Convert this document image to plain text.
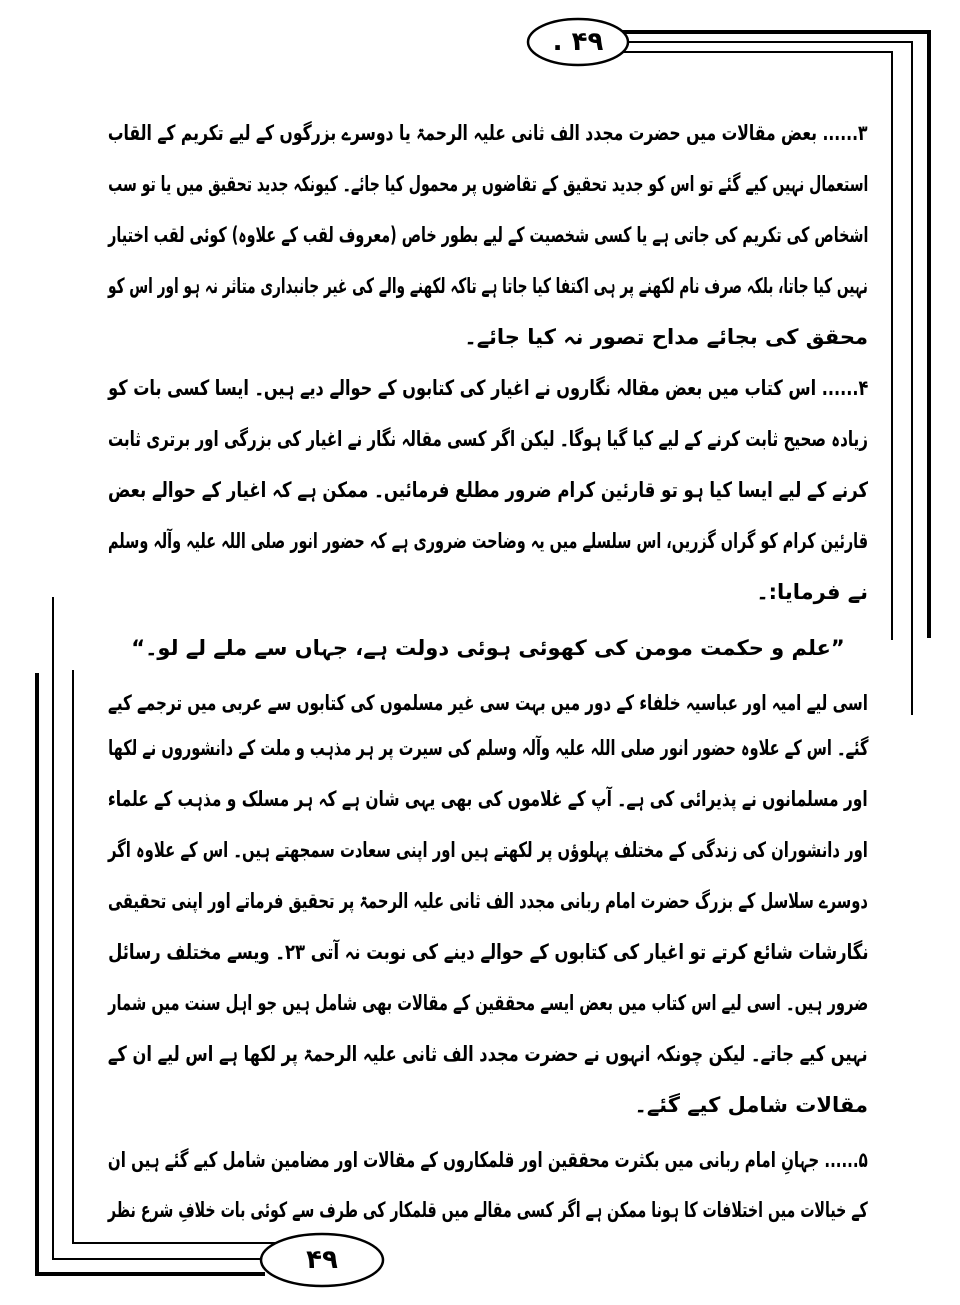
۴۹ .
۴۹
۳...... بعض مقالات میں حضرت مجدد الف ثانی علیہ الرحمۃ یا دوسرے بزرگوں کے لیے تکریم کے القاب
استعمال نہیں کیے گئے تو اس کو جدید تحقیق کے تقاضوں پر محمول کیا جائے۔ کیونکہ جدید تحقیق میں یا تو سب
اشخاص کی تکریم کی جاتی ہے یا کسی شخصیت کے لیے بطور خاص (معروف لقب کے علاوہ) کوئی لقب اختیار
نہیں کیا جاتا، بلکہ صرف نام لکھنے پر ہی اکتفا کیا جاتا ہے تاکہ لکھنے والے کی غیر جانبداری متاثر نہ ہو اور اس کو
محقق کی بجائے مداح تصور نہ کیا جائے۔
۴...... اس کتاب میں بعض مقالہ نگاروں نے اغیار کی کتابوں کے حوالے دیے ہیں۔ ایسا کسی بات کو
زیادہ صحیح ثابت کرنے کے لیے کیا گیا ہوگا۔ لیکن اگر کسی مقالہ نگار نے اغیار کی بزرگی اور برتری ثابت
کرنے کے لیے ایسا کیا ہو تو قارئین کرام ضرور مطلع فرمائیں۔ ممکن ہے کہ اغیار کے حوالے بعض
قارئین کرام کو گراں گزریں، اس سلسلے میں یہ وضاحت ضروری ہے کہ حضور انور صلی اللہ علیہ وآلہ وسلم
نے فرمایا:۔
”علم و حکمت مومن کی کھوئی ہوئی دولت ہے، جہاں سے ملے لے لو۔“
اسی لیے امیہ اور عباسیہ خلفاء کے دور میں بہت سی غیر مسلموں کی کتابوں سے عربی میں ترجمے کیے
گئے۔ اس کے علاوہ حضور انور صلی اللہ علیہ وآلہ وسلم کی سیرت پر ہر مذہب و ملت کے دانشوروں نے لکھا
اور مسلمانوں نے پذیرائی کی ہے۔ آپ کے غلاموں کی بھی یہی شان ہے کہ ہر مسلک و مذہب کے علماء
اور دانشوران کی زندگی کے مختلف پہلوؤں پر لکھتے ہیں اور اپنی سعادت سمجھتے ہیں۔ اس کے علاوہ اگر
دوسرے سلاسل کے بزرگ حضرت امام ربانی مجدد الف ثانی علیہ الرحمۃ پر تحقیق فرماتے اور اپنی تحقیقی
نگارشات شائع کرتے تو اغیار کی کتابوں کے حوالے دینے کی نوبت نہ آتی ۲۳۔ ویسے مختلف رسائل
ضرور ہیں۔ اسی لیے اس کتاب میں بعض ایسے محققین کے مقالات بھی شامل ہیں جو اہل سنت میں شمار
نہیں کیے جاتے۔ لیکن چونکہ انہوں نے حضرت مجدد الف ثانی علیہ الرحمۃ پر لکھا ہے اس لیے ان کے
مقالات شامل کیے گئے۔
۵...... جہانِ امام ربانی میں بکثرت محققین اور قلمکاروں کے مقالات اور مضامین شامل کیے گئے ہیں ان
کے خیالات میں اختلافات کا ہونا ممکن ہے اگر کسی مقالے میں قلمکار کی طرف سے کوئی بات خلافِ شرع نظر
